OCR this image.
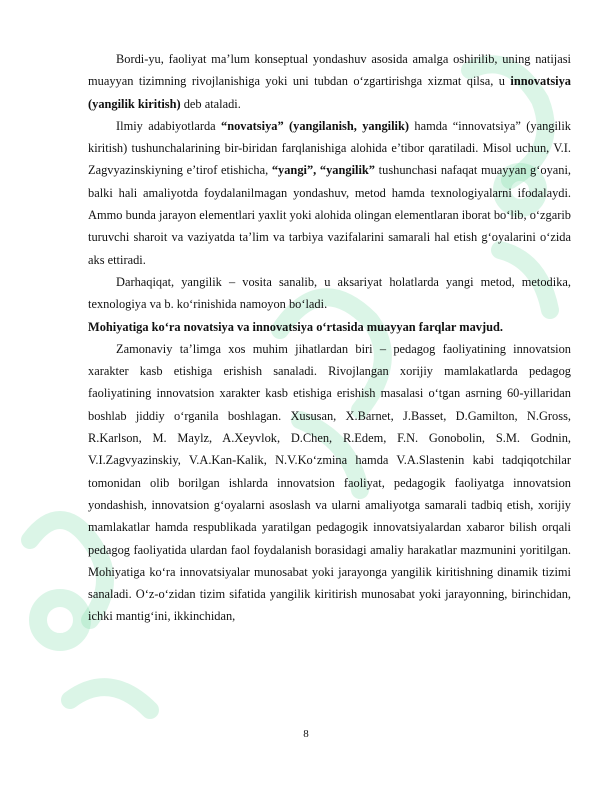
Bordi-yu, faoliyat ma’lum konseptual yondashuv asosida amalga oshirilib, uning natijasi muayyan tizimning rivojlanishiga yoki uni tubdan o‘zgartirishga xizmat qilsa, u innovatsiya (yangilik kiritish) deb ataladi.

Ilmiy adabiyotlarda “novatsiya” (yangilanish, yangilik) hamda “innovatsiya” (yangilik kiritish) tushunchalarining bir-biridan farqlanishiga alohida e’tibor qaratiladi. Misol uchun, V.I. Zagvyazinskiyning e’tirof etishicha, “yangi”, “yangilik” tushunchasi nafaqat muayyan g‘oyani, balki hali amaliyotda foydalanilmagan yondashuv, metod hamda texnologiyalarni ifodalaydi. Ammo bunda jarayon elementlari yaxlit yoki alohida olingan elementlaran iborat bo‘lib, o‘zgarib turuvchi sharoit va vaziyatda ta’lim va tarbiya vazifalarini samarali hal etish g‘oyalarini o‘zida aks ettiradi.

Darhaqiqat, yangilik – vosita sanalib, u aksariyat holatlarda yangi metod, metodika, texnologiya va b. ko‘rinishida namoyon bo‘ladi.

Mohiyatiga ko‘ra novatsiya va innovatsiya o‘rtasida muayyan farqlar mavjud.

Zamonaviy ta’limga xos muhim jihatlardan biri – pedagog faoliyatining innovatsion xarakter kasb etishiga erishish sanaladi. Rivojlangan xorijiy mamlakatlarda pedagog faoliyatining innovatsion xarakter kasb etishiga erishish masalasi o‘tgan asrning 60-yillaridan boshlab jiddiy o‘rganila boshlagan. Xususan, X.Barnet, J.Basset, D.Gamilton, N.Gross, R.Karlson, M. Maylz, A.Xeyvlok, D.Chen, R.Edem, F.N. Gonobolin, S.M. Godnin, V.I.Zagvyazinskiy, V.A.Kan-Kalik, N.V.Ko‘zmina hamda V.A.Slastenin kabi tadqiqotchilar tomonidan olib borilgan ishlarda innovatsion faoliyat, pedagogik faoliyatga innovatsion yondashish, innovatsion g‘oyalarni asoslash va ularni amaliyotga samarali tadbiq etish, xorijiy mamlakatlar hamda respublikada yaratilgan pedagogik innovatsiyalardan xabaror bilish orqali pedagog faoliyatida ulardan faol foydalanish borasidagi amaliy harakatlar mazmunini yoritilgan. Mohiyatiga ko‘ra innovatsiyalar munosabat yoki jarayonga yangilik kiritishning dinamik tizimi sanaladi. O‘z-o‘zidan tizim sifatida yangilik kiritirish munosabat yoki jarayonning, birinchidan, ichki mantig‘ini, ikkinchidan,

8
